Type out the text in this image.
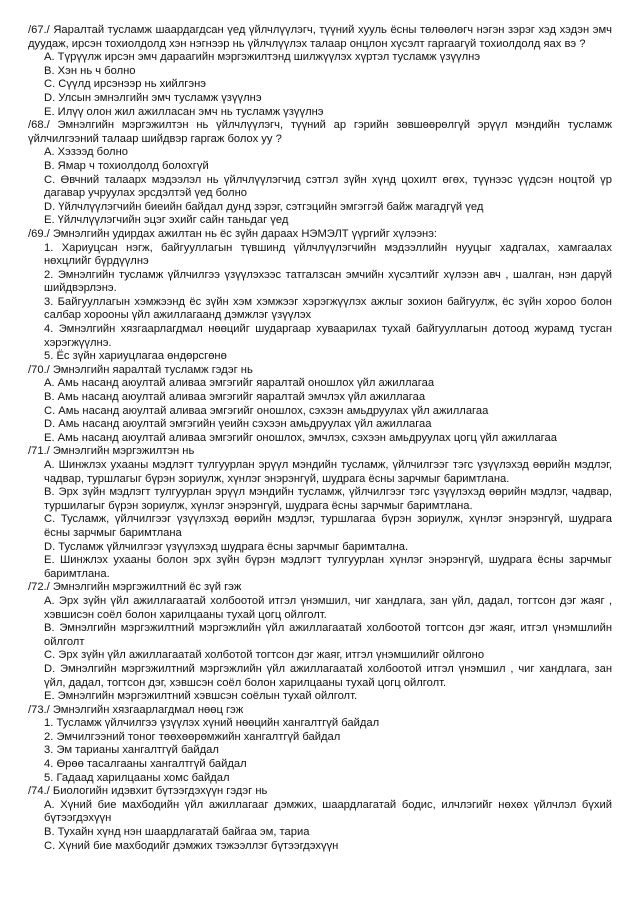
/67./ Яаралтай тусламж шаардагдсан үед үйлчлүүлэгч, түүний хууль ёсны төлөөлөгч нэгэн зэрэг хэд хэдэн эмч дуудаж, ирсэн тохиолдолд хэн нэгнээр нь үйлчлүүлэх талаар онцлон хүсэлт гаргаагүй тохиолдолд яах вэ ?

А. Түрүүлж ирсэн эмч дараагийн мэргэжилтэнд шилжүүлэх хүртэл тусламж үзүүлнэ

B. Хэн нь ч болно

C. Сүүлд ирсэнээр нь хийлгэнэ

D. Улсын эмнэлгийн эмч тусламж үзүүлнэ

E. Илүү олон жил ажилласан эмч нь тусламж үзүүлнэ

/68./ Эмнэлгийн мэргэжилтэн нь үйлчлүүлэгч, түүний ар гэрийн зөвшөөрөлгүй эрүүл мэндийн тусламж үйлчилгээний талаар шийдвэр гаргаж болох уу ?

А. Хэзээд болно

B. Ямар ч тохиолдолд болохгүй

C. Өвчний талаарх мэдээлэл нь үйлчлүүлэгчид сэтгэл зүйн хүнд цохилт өгөх, түүнээс үүдсэн ноцтой үр дагавар учруулах эрсдэлтэй үед болно

D. Үйлчлүүлэгчийн биеийн байдал дунд зэрэг, сэтгэцийн эмгэггэй байж магадгүй үед

E. Үйлчлүүлэгчийн эцэг эхийг сайн таньдаг үед

/69./ Эмнэлгийн удирдах ажилтан нь ёс зүйн дараах НЭМЭЛТ үүргийг хүлээнэ:

1. Хариуцсан нэгж, байгууллагын түвшинд үйлчлүүлэгчийн мэдээллийн нууцыг хадгалах, хамгаалах нөхцлийг бүрдүүлнэ

2. Эмнэлгийн тусламж үйлчилгээ үзүүлэхээс татгалзсан эмчийн хүсэлтийг хүлээн авч , шалган, нэн дарүй шийдвэрлэнэ.

3. Байгууллагын хэмжээнд ёс зүйн хэм хэмжээг хэрэгжүүлэх ажлыг зохион байгуулж, ёс зүйн хороо болон салбар хорооны үйл ажиллагаанд дэмжлэг үзүүлэх

4. Эмнэлгийн хязгаарлагдмал нөөцийг шударгаар хуваарилах тухай байгууллагын дотоод журамд тусган хэрэгжүүлнэ.

5. Ёс зүйн хариуцлагаа өндөрсгөнө

/70./ Эмнэлгийн яаралтай тусламж гэдэг нь

А. Амь насанд аюултай аливаа эмгэгийг яаралтай оношлох үйл ажиллагаа

B. Амь насанд аюултай аливаа эмгэгийг яаралтай эмчлэх үйл ажиллагаа

C. Амь насанд аюултай аливаа эмгэгийг оношлох, сэхээн амьдруулах үйл ажиллагаа

D. Амь насанд аюултай эмгэгийн үеийн сэхээн амьдруулах үйл ажиллагаа

E. Амь насанд аюултай аливаа эмгэгийг оношлох, эмчлэх, сэхээн амьдруулах цогц үйл ажиллагаа

/71./ Эмнэлгийн мэргэжилтэн нь

А. Шинжлэх ухааны мэдлэгт тулгуурлан эрүүл мэндийн тусламж, үйлчилгээг тэгс үзүүлэхэд өөрийн мэдлэг, чадвар, туршлагыг бүрэн зориулж, хүнлэг энэрэнгүй, шудрага ёсны зарчмыг баримтлана.

B. Эрх зүйн мэдлэгт тулгуурлан эрүүл мэндийн тусламж, үйлчилгээг тэгс үзүүлэхэд өөрийн мэдлэг, чадвар, туршилагыг бүрэн зориулж, хүнлэг энэрэнгүй, шудрага ёсны зарчмыг баримтлана.

C. Тусламж, үйлчилгээг үзүүлэхэд өөрийн мэдлэг, туршлагаа бүрэн зориулж, хүнлэг энэрэнгүй, шудрага ёсны зарчмыг баримтлана

D. Тусламж үйлчилгээг үзүүлэхэд шудрага ёсны зарчмыг баримтална.

E. Шинжлэх ухааны болон эрх зүйн бүрэн мэдлэгт тулгуурлан хүнлэг энэрэнгүй, шудрага ёсны зарчмыг баримтлана.

/72./ Эмнэлгийн мэргэжилтний ёс зүй гэж

А. Эрх зүйн үйл ажиллагаатай холбоотой итгэл үнэмшил, чиг хандлага, зан үйл, дадал, тогтсон дэг жаяг , хэвшисэн соёл болон харилцааны тухай цогц ойлголт.

B. Эмнэлгийн мэргэжилтний мэргэжлийн үйл ажиллагаатай холбоотой тогтсон дэг жаяг, итгэл үнэмшлийн ойлголт

C. Эрх зүйн үйл ажиллагаатай холботой тогтсон дэг жаяг, итгэл үнэмшилийг ойлгоно

D. Эмнэлгийн мэргэжилтний мэргэжлийн үйл ажиллагаатай холбоотой итгэл үнэмшил , чиг хандлага, зан үйл, дадал, тогтсон дэг, хэвшсэн соёл болон харилцааны тухай цогц ойлголт.

E. Эмнэлгийн мэргэжилтний хэвшсэн соёлын тухай ойлголт.

/73./ Эмнэлгийн хязгаарлагдмал нөөц гэж

1. Тусламж үйлчилгээ үзүүлэх хүний нөөцийн хангалтгүй байдал

2. Эмчилгээний тоног төөхөөрөмжийн хангалтгүй байдал

3. Эм тарианы хангалтгүй байдал

4. Өрөө тасалгааны хангалтгүй байдал

5. Гадаад харилцааны хомс байдал

/74./ Биологийн идэвхит бүтээгдэхүүн гэдэг нь

А. Хүний бие махбодийн үйл ажиллагааг дэмжих, шаардлагатай бодис, илчлэгийг нөхөх үйлчлэл бүхий бүтээгдэхүүн

B. Тухайн хүнд нэн шаардлагатай байгаа эм, тариа

C. Хүний бие махбодийг дэмжих тэжээллэг бүтээгдэхүүн
